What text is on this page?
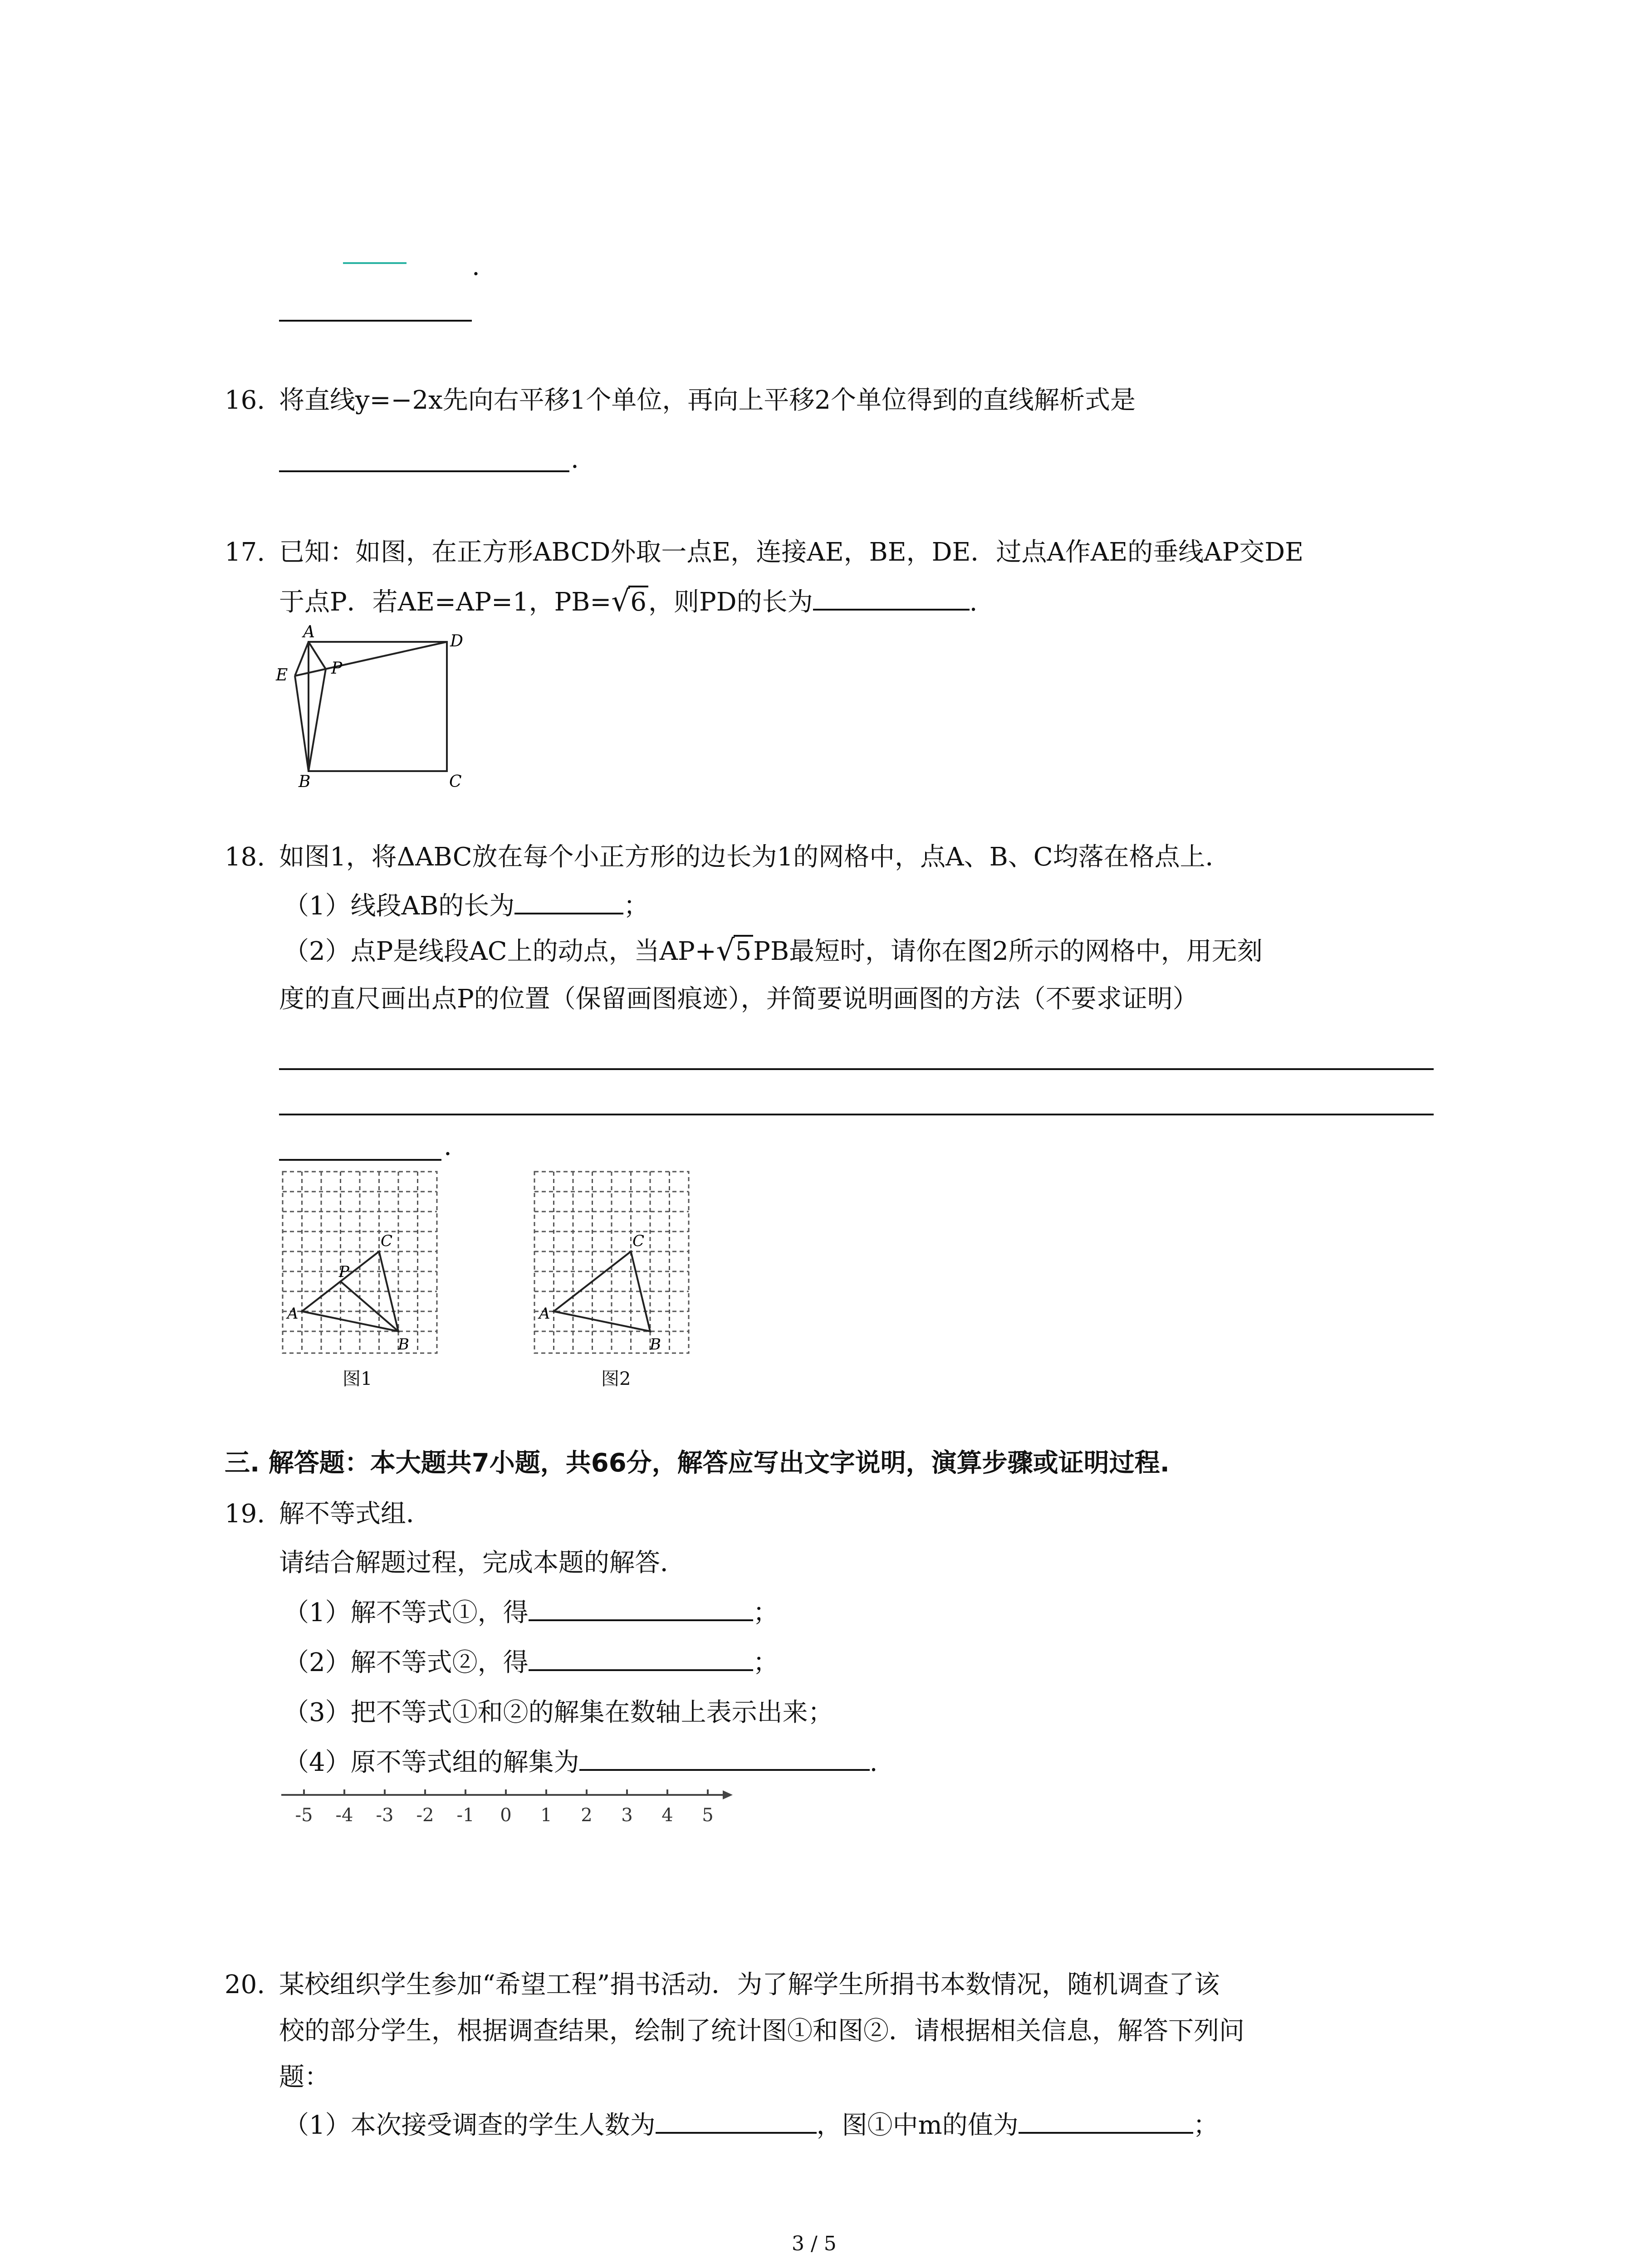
.
16. 将直线y=−2x先向右平移1个单位，再向上平移2个单位得到的直线解析式是
.
17. 已知：如图，在正方形ABCD外取一点E，连接AE，BE，DE．过点A作AE的垂线AP交DE
于点P．若AE=AP=1，PB= √ 6，则PD的长为	.
A	D
E	P
B	C
18. 如图1，将ΔABC放在每个小正方形的边长为1的网格中，点A、B、C均落在格点上．
（1）线段AB的长为	；
（2）点P是线段AC上的动点，当AP+ √ 5PB最短时，请你在图2所示的网格中，用无刻
度的直尺画出点P的位置（保留画图痕迹），并简要说明画图的方法（不要求证明）
.
A
B
C
P
图1
A
B
C
图2
三. 解答题：本大题共7小题，共66分，解答应写出文字说明，演算步骤或证明过程.
19. 解不等式组．
请结合解题过程，完成本题的解答．
（1）解不等式①，得	；
（2）解不等式②，得	；
（3）把不等式①和②的解集在数轴上表示出来；
（4）原不等式组的解集为	.
-5 -4 -3 -2 -1 0 1 2 3 4 5
20. 某校组织学生参加“希望工程”捐书活动．为了解学生所捐书本数情况，随机调查了该
校的部分学生，根据调查结果，绘制了统计图①和图②．请根据相关信息，解答下列问
题：
（1）本次接受调查的学生人数为	，图①中m的值为	；
3 / 5
